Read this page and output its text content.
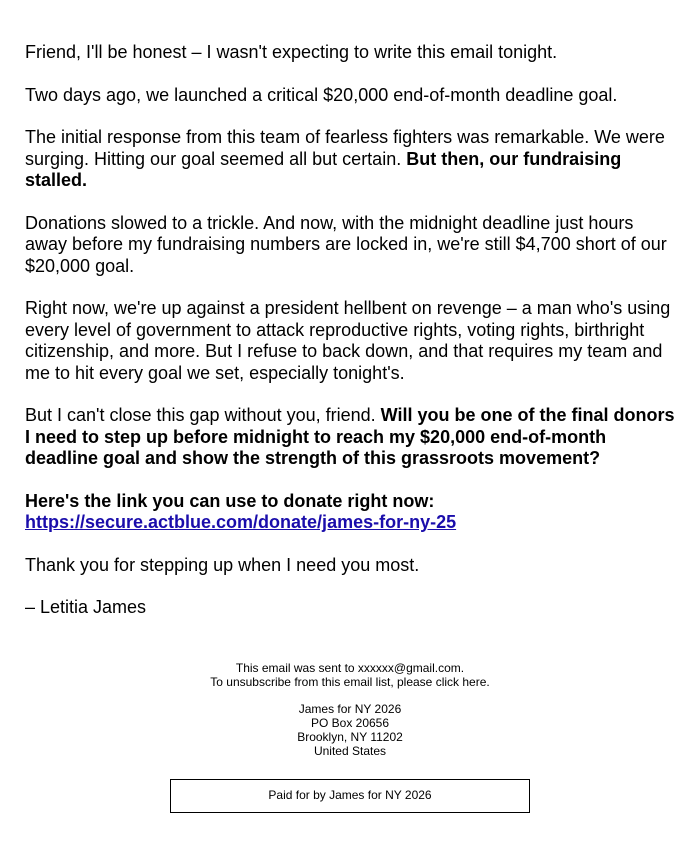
Friend, I'll be honest – I wasn't expecting to write this email tonight.

Two days ago, we launched a critical $20,000 end-of-month deadline goal.

The initial response from this team of fearless fighters was remarkable. We were surging. Hitting our goal seemed all but certain. But then, our fundraising stalled.

Donations slowed to a trickle. And now, with the midnight deadline just hours away before my fundraising numbers are locked in, we're still $4,700 short of our $20,000 goal.

Right now, we're up against a president hellbent on revenge – a man who's using every level of government to attack reproductive rights, voting rights, birthright citizenship, and more. But I refuse to back down, and that requires my team and me to hit every goal we set, especially tonight's.

But I can't close this gap without you, friend. Will you be one of the final donors I need to step up before midnight to reach my $20,000 end-of-month deadline goal and show the strength of this grassroots movement?

Here's the link you can use to donate right now:
https://secure.actblue.com/donate/james-for-ny-25

Thank you for stepping up when I need you most.

– Letitia James

This email was sent to xxxxxx@gmail.com.
To unsubscribe from this email list, please click here.

James for NY 2026
PO Box 20656
Brooklyn, NY 11202
United States

Paid for by James for NY 2026
